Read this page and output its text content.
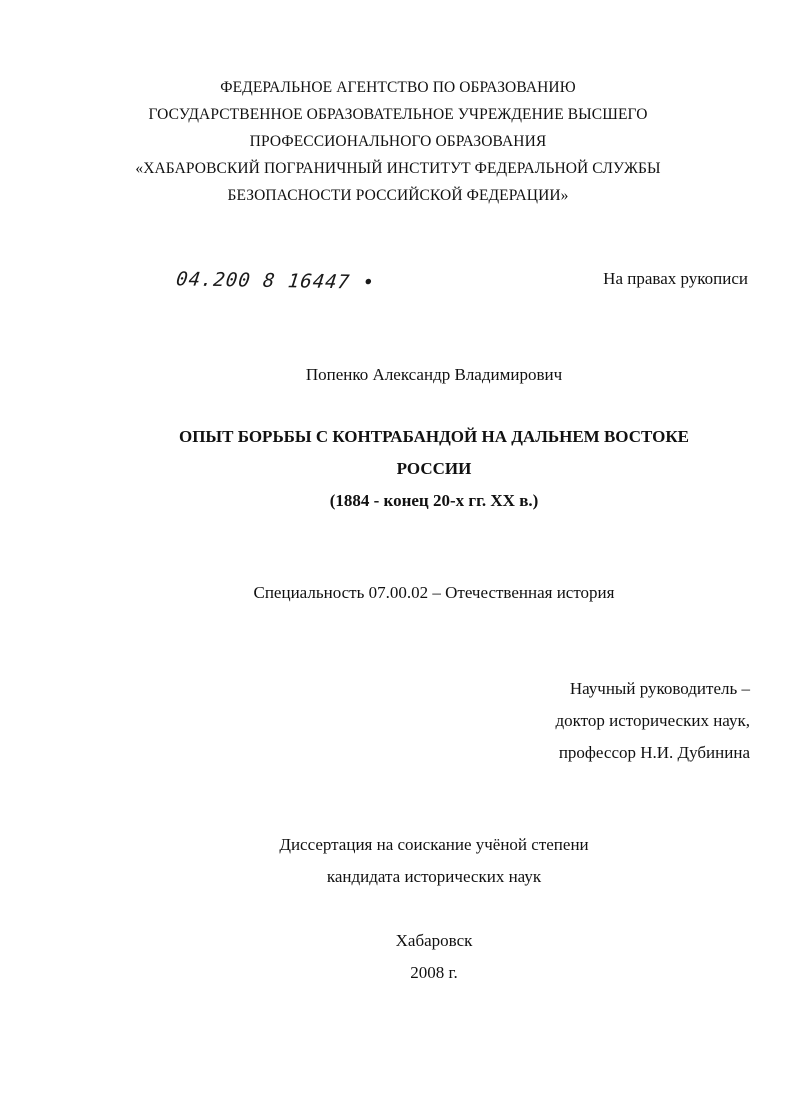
ФЕДЕРАЛЬНОЕ АГЕНТСТВО ПО ОБРАЗОВАНИЮ
ГОСУДАРСТВЕННОЕ ОБРАЗОВАТЕЛЬНОЕ УЧРЕЖДЕНИЕ ВЫСШЕГО
ПРОФЕССИОНАЛЬНОГО ОБРАЗОВАНИЯ
«ХАБАРОВСКИЙ ПОГРАНИЧНЫЙ ИНСТИТУТ ФЕДЕРАЛЬНОЙ СЛУЖБЫ
БЕЗОПАСНОСТИ РОССИЙСКОЙ ФЕДЕРАЦИИ»
04.200 8 16447 •	На правах рукописи
Попенко Александр Владимирович
ОПЫТ БОРЬБЫ С КОНТРАБАНДОЙ НА ДАЛЬНЕМ ВОСТОКЕ
РОССИИ
(1884 - конец 20-х гг. XX в.)
Специальность 07.00.02 – Отечественная история
Научный руководитель –
доктор исторических наук,
профессор Н.И. Дубинина
Диссертация на соискание учёной степени
кандидата исторических наук
Хабаровск
2008 г.
